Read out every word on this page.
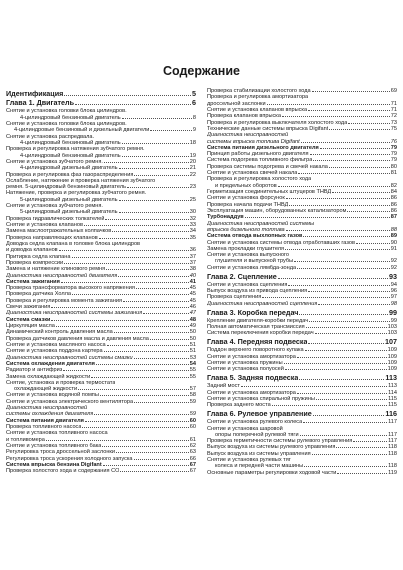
Содержание
Идентификация	5
Глава 1. Двигатель	6
Снятие и установка головки блока цилиндров.
4-цилиндровый бензиновый двигатель	8
Снятие и установка головки блока цилиндров.
4-цилиндровые бензиновый и дизельный двигатели	9
Снятие и установка распредвала.
4-цилиндровый бензиновый двигатель	18
Проверка и регулировка натяжения зубчатого ремня.
4-цилиндровый бензиновый двигатель	19
Снятие и установка зубчатого ремня.	20
4-цилиндровый дизельный двигатель	21
Проверка и регулировка фаз газораспределения	22
Ослабление, натяжение и проверка натяжения зубчатого
ремня. 5-цилиндровый бензиновый двигатель	23
Натяжение, проверка и регулировка зубчатого ремня.
5-цилиндровый дизельный двигатель	25
Снятие и установка зубчатого ремня.
5-цилиндровый дизельный двигатель	30
Проверка гидравлических толкателей	32
Снятие и установка клапанов	33
Замена маслоотражательных колпачков	34
Проверка направляющих клапанов	35
Доводка седла клапана в головке блока цилиндров
и доводка клапанов	36
Притирка седла клапана	37
Проверка компрессии	37
Замена и натяжение клинового ремня	38
Диагностика неисправностей двигателя	40
Система зажигания	41
Проверка трансформатора высокого напряжения	45
Проверка датчика Холла	45
Проверка и регулировка момента зажигания	45
Свечи зажигания	46
Диагностика неисправностей системы зажигания	47
Система смазки	48
Циркуляция масла	49
Динамический контроль давления масла	50
Проверка датчиков давления масла и давления масла	50
Снятие и установка масляного насоса	51
Снятие и установка поддона картера	51
Диагностика неисправностей системы смазки	53
Система охлаждения двигателя	54
Радиатор и антифриз	55
Замена охлаждающей жидкости	55
Снятие, установка и проверка термостата
охлаждающей жидкости	57
Снятие и установка водяной помпы	58
Снятие и установка электрического вентилятора	59
Диагностика неисправностей
системы охлаждения двигателя	59
Система питания двигателя	60
Проверка топливного насоса	60
Снятие и установка топливного насоса
и топливомера	61
Снятие и установка топливного бака	62
Регулировка троса дроссельной заслонки	63
Регулировка троса ускорения холодного запуска	66
Система впрыска бензина Digifant	67
Проверка холостого хода и содержания CO	67
Проверка стабилизации холостого хода	69
Проверка и регулировка амортизатора
дроссельной заслонки	71
Снятие и установка клапанов впрыска	71
Проверка клапанов впрыска	72
Проверка и регулировка выключателя холостого хода	73
Технические данные системы впрыска Digifant	75
Диагностика неисправностей
системы впрыска топлива Digifant	76
Система питания дизельного двигателя	79
Принцип работы дизельного двигателя	79
Система подогрева топливного фильтра	79
Проверка системы подогрева и свечей накала	80
Снятие и установка свечей накала	81
Проверка и регулировка холостого хода
и предельных оборотов	82
Герметизация соединительных штуцеров ТНВД	84
Снятие и установка форсунок	86
Проверка начала подачи ТНВД	86
Эксплуатация машин, оборудованных катализатором	86
Турбонаддув	87
Диагностика неисправностей системы
впрыска дизельного топлива	88
Система отвода выхлопных газов	89
Снятие и установка системы отвода отработавших газов	90
Замена прокладки глушителя	91
Снятие и установка выпускного
глушителя и выпускной трубы	92
Снятие и установка лямбда-зонда	92
Глава 2. Сцепление	93
Снятие и установка сцепления	94
Выпуск воздуха из привода сцепления	96
Проверка сцепления	97
Диагностика неисправностей сцепления	98
Глава 3. Коробка передач	99
Крепление двигателя-коробки передач	99
Полная автоматическая трансмиссия	103
Система переключения коробки передач	103
Глава 4. Передняя подвеска	107
Поддон верхнего поворотного купака	109
Снятие и установка амортизатора	109
Снятие и установка пружины	109
Снятие и установка полуосей	109
Глава 5. Задняя подвеска	113
Задний мост	113
Снятие и установка амортизатора	114
Снятие и установка спиральной пружины	115
Проверка заднего моста	115
Глава 6. Рулевое управление	116
Снятие и установка рулевого колеса	117
Снятие и установка шаровой
опоры поперечной рулевой тяги	117
Проверка герметичности системы рулевого управления	117
Выпуск воздуха из системы рулевого управления	118
Выпуск воздуха из системы управления	118
Снятие и установка рулевых тяг
колеса и передней части машины	118
Основные параметры регулировки ходовой части	119
